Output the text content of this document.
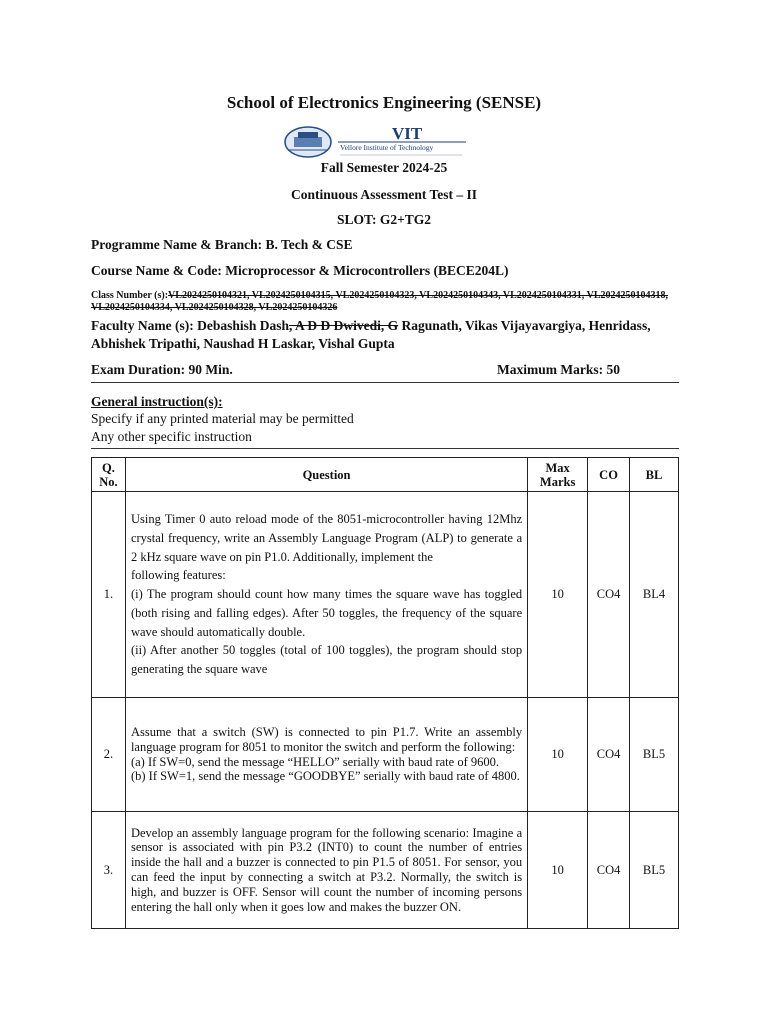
School of Electronics Engineering (SENSE)
VIT
Vellore Institute of Technology
Fall Semester 2024-25
Continuous Assessment Test – II
SLOT: G2+TG2
Programme Name & Branch: B. Tech & CSE
Course Name & Code: Microprocessor & Microcontrollers (BECE204L)
Class Number (s):VL2024250104321, VL2024250104315, VL2024250104323, VL2024250104343, VL2024250104331, VL2024250104318, VL2024250104334, VL2024250104328, VL2024250104326
Faculty Name (s): Debashish Dash, A D D Dwivedi, G Ragunath, Vikas Vijayavargiya, Henridass, Abhishek Tripathi, Naushad H Laskar, Vishal Gupta
Exam Duration: 90 Min.	Maximum Marks: 50
General instruction(s):
Specify if any printed material may be permitted
Any other specific instruction
Q. No.	Question	Max Marks	CO	BL
1.	Using Timer 0 auto reload mode of the 8051-microcontroller having 12Mhz crystal frequency, write an Assembly Language Program (ALP) to generate a 2 kHz square wave on pin P1.0. Additionally, implement the
following features:
(i) The program should count how many times the square wave has toggled (both rising and falling edges). After 50 toggles, the frequency of the square wave should automatically double.
(ii) After another 50 toggles (total of 100 toggles), the program should stop generating the square wave	10	CO4	BL4
2.	Assume that a switch (SW) is connected to pin P1.7. Write an assembly language program for 8051 to monitor the switch and perform the following:
(a) If SW=0, send the message “HELLO” serially with baud rate of 9600.
(b) If SW=1, send the message “GOODBYE” serially with baud rate of 4800.	10	CO4	BL5
3.	Develop an assembly language program for the following scenario: Imagine a sensor is associated with pin P3.2 (INT0) to count the number of entries inside the hall and a buzzer is connected to pin P1.5 of 8051. For sensor, you can feed the input by connecting a switch at P3.2. Normally, the switch is high, and buzzer is OFF. Sensor will count the number of incoming persons entering the hall only when it goes low and makes the buzzer ON.	10	CO4	BL5
